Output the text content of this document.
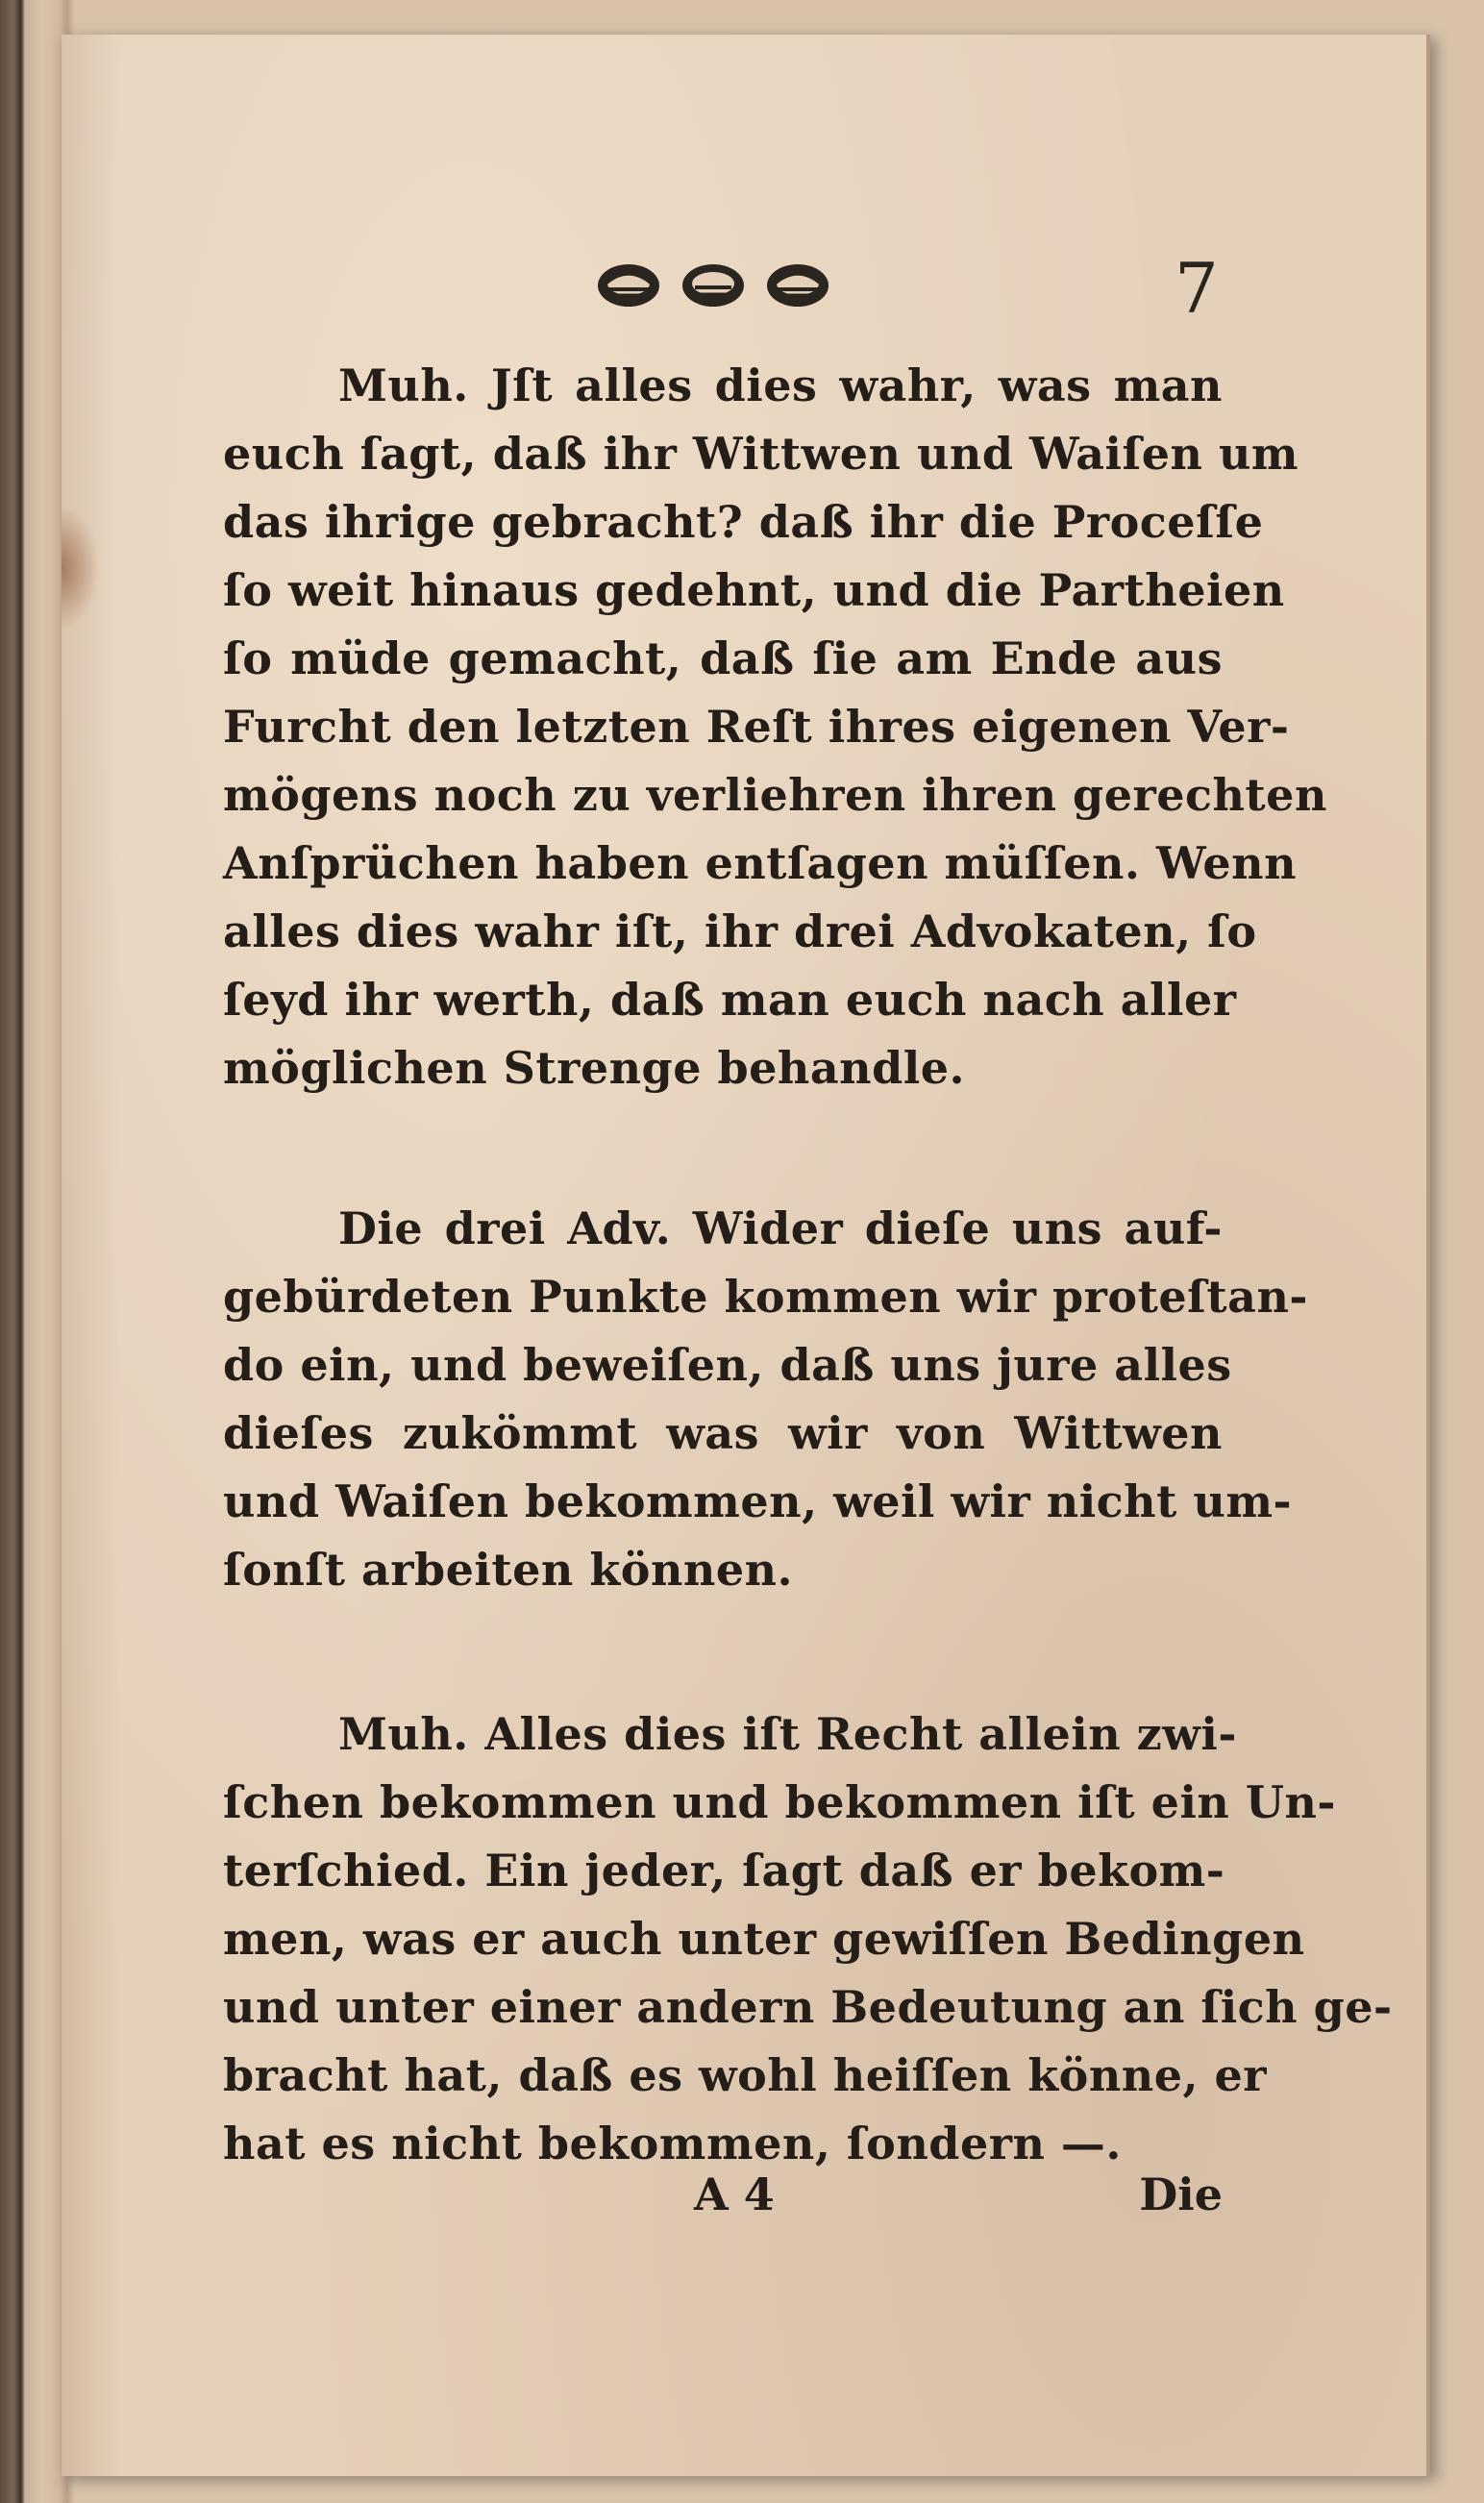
7
Muh. Jſt alles dies wahr, was man
euch ſagt, daß ihr Wittwen und Waiſen um
das ihrige gebracht? daß ihr die Proceſſe
ſo weit hinaus gedehnt, und die Partheien
ſo müde gemacht, daß ſie am Ende aus
Furcht den letzten Reſt ihres eigenen Ver-
mögens noch zu verliehren ihren gerechten
Anſprüchen haben entſagen müſſen. Wenn
alles dies wahr iſt, ihr drei Advokaten, ſo
ſeyd ihr werth, daß man euch nach aller
möglichen Strenge behandle.
Die drei Adv. Wider dieſe uns auf-
gebürdeten Punkte kommen wir proteſtan-
do ein, und beweiſen, daß uns jure alles
dieſes zukömmt was wir von Wittwen
und Waiſen bekommen, weil wir nicht um-
ſonſt arbeiten können.
Muh. Alles dies iſt Recht allein zwi-
ſchen bekommen und bekommen iſt ein Un-
terſchied. Ein jeder, ſagt daß er bekom-
men, was er auch unter gewiſſen Bedingen
und unter einer andern Bedeutung an ſich ge-
bracht hat, daß es wohl heiſſen könne, er
hat es nicht bekommen, ſondern —.
A 4	Die
